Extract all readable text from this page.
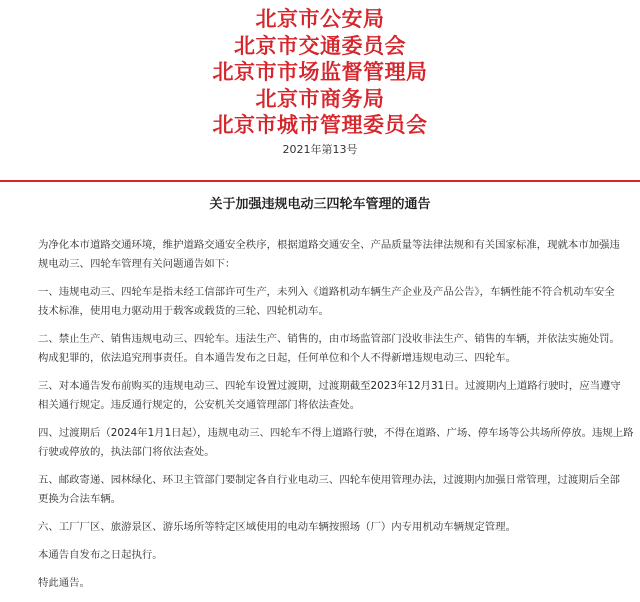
北京市公安局
北京市交通委员会
北京市市场监督管理局
北京市商务局
北京市城市管理委员会
2021年第13号
关于加强违规电动三四轮车管理的通告

为净化本市道路交通环境，维护道路交通安全秩序，根据道路交通安全、产品质量等法律法规和有关国家标准，现就本市加强违
规电动三、四轮车管理有关问题通告如下：

一、违规电动三、四轮车是指未经工信部许可生产，未列入《道路机动车辆生产企业及产品公告》，车辆性能不符合机动车安全
技术标准，使用电力驱动用于载客或载货的三轮、四轮机动车。

二、禁止生产、销售违规电动三、四轮车。违法生产、销售的，由市场监管部门没收非法生产、销售的车辆，并依法实施处罚。
构成犯罪的，依法追究刑事责任。自本通告发布之日起，任何单位和个人不得新增违规电动三、四轮车。

三、对本通告发布前购买的违规电动三、四轮车设置过渡期，过渡期截至2023年12月31日。过渡期内上道路行驶时，应当遵守
相关通行规定。违反通行规定的，公安机关交通管理部门将依法查处。

四、过渡期后（2024年1月1日起），违规电动三、四轮车不得上道路行驶，不得在道路、广场、停车场等公共场所停放。违规上路
行驶或停放的，执法部门将依法查处。

五、邮政寄递、园林绿化、环卫主管部门要制定各自行业电动三、四轮车使用管理办法，过渡期内加强日常管理，过渡期后全部
更换为合法车辆。

六、工厂厂区、旅游景区、游乐场所等特定区域使用的电动车辆按照场（厂）内专用机动车辆规定管理。

本通告自发布之日起执行。

特此通告。
